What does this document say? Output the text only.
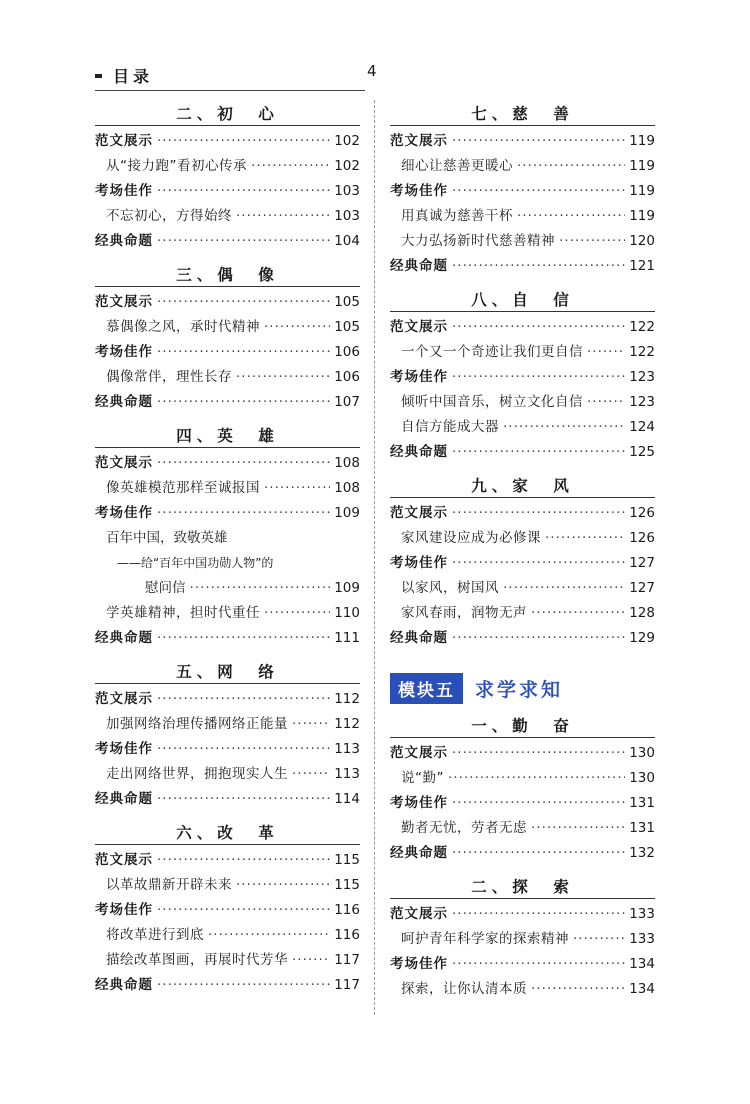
目录	4
二、初　心
范文展示 ·····	102
从“接力跑”看初心传承 ·····	102
考场佳作 ·····	103
不忘初心，方得始终 ·····	103
经典命题 ·····	104
三、偶　像
范文展示 ·····	105
慕偶像之风，承时代精神 ·····	105
考场佳作 ·····	106
偶像常伴，理性长存 ·····	106
经典命题 ·····	107
四、英　雄
范文展示 ·····	108
像英雄模范那样至诚报国 ·····	108
考场佳作 ·····	109
百年中国，致敬英雄
——给“百年中国功勋人物”的
慰问信 ·····	109
学英雄精神，担时代重任 ·····	110
经典命题 ·····	111
五、网　络
范文展示 ·····	112
加强网络治理传播网络正能量 ·····	112
考场佳作 ·····	113
走出网络世界，拥抱现实人生 ·····	113
经典命题 ·····	114
六、改　革
范文展示 ·····	115
以革故鼎新开辟未来 ·····	115
考场佳作 ·····	116
将改革进行到底 ·····	116
描绘改革图画，再展时代芳华 ·····	117
经典命题 ·····	117
七、慈　善
范文展示 ·····	119
细心让慈善更暖心 ·····	119
考场佳作 ·····	119
用真诚为慈善干杯 ·····	119
大力弘扬新时代慈善精神 ·····	120
经典命题 ·····	121
八、自　信
范文展示 ·····	122
一个又一个奇迹让我们更自信 ·····	122
考场佳作 ·····	123
倾听中国音乐，树立文化自信 ·····	123
自信方能成大器 ·····	124
经典命题 ·····	125
九、家　风
范文展示 ·····	126
家风建设应成为必修课 ·····	126
考场佳作 ·····	127
以家风，树国风 ·····	127
家风春雨，润物无声 ·····	128
经典命题 ·····	129
模块五	求学求知
一、勤　奋
范文展示 ·····	130
说“勤” ·····	130
考场佳作 ·····	131
勤者无忧，劳者无虑 ·····	131
经典命题 ·····	132
二、探　索
范文展示 ·····	133
呵护青年科学家的探索精神 ·····	133
考场佳作 ·····	134
探索，让你认清本质 ·····	134
